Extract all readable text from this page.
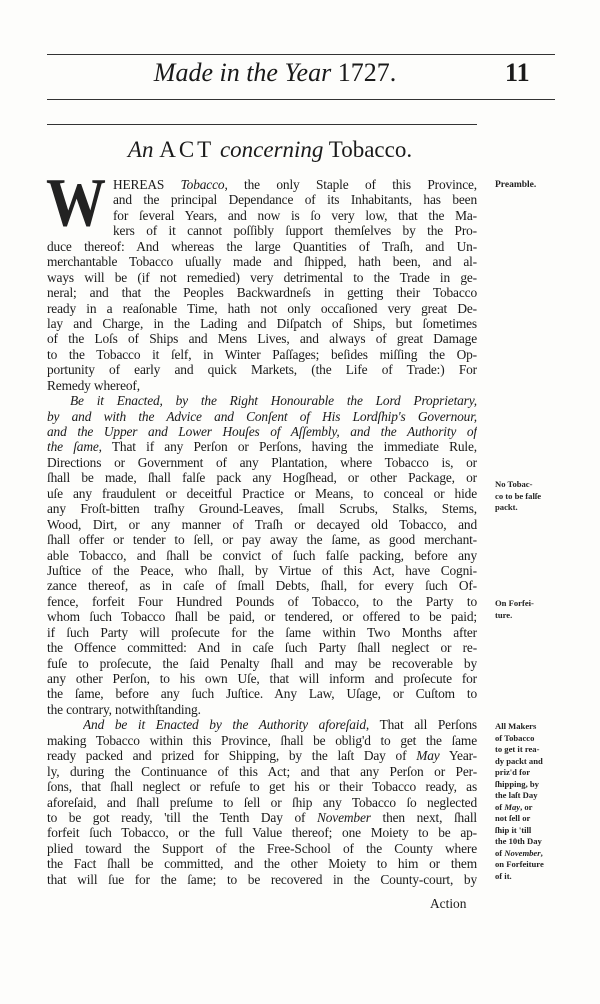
Made in the Year 1727.	11
An ACT concerning Tobacco.
W HEREAS Tobacco, the only Staple of this Province,
and the principal Dependance of its Inhabitants, has been
for ſeveral Years, and now is ſo very low, that the Ma-
kers of it cannot poſſibly ſupport themſelves by the Pro-
duce thereof: And whereas the large Quantities of Traſh, and Un-
merchantable Tobacco uſually made and ſhipped, hath been, and al-
ways will be (if not remedied) very detrimental to the Trade in ge-
neral; and that the Peoples Backwardneſs in getting their Tobacco
ready in a reaſonable Time, hath not only occaſioned very great De-
lay and Charge, in the Lading and Diſpatch of Ships, but ſometimes
of the Loſs of Ships and Mens Lives, and always of great Damage
to the Tobacco it ſelf, in Winter Paſſages; beſides miſſing the Op-
portunity of early and quick Markets, (the Life of Trade:) For
Remedy whereof,
Be it Enacted, by the Right Honourable the Lord Proprietary,
by and with the Advice and Conſent of His Lordſhip's Governour,
and the Upper and Lower Houſes of Aſſembly, and the Authority of
the ſame, That if any Perſon or Perſons, having the immediate Rule,
Directions or Government of any Plantation, where Tobacco is, or
ſhall be made, ſhall falſe pack any Hogſhead, or other Package, or
uſe any fraudulent or deceitful Practice or Means, to conceal or hide
any Froſt-bitten traſhy Ground-Leaves, ſmall Scrubs, Stalks, Stems,
Wood, Dirt, or any manner of Traſh or decayed old Tobacco, and
ſhall offer or tender to ſell, or pay away the ſame, as good merchant-
able Tobacco, and ſhall be convict of ſuch falſe packing, before any
Juſtice of the Peace, who ſhall, by Virtue of this Act, have Cogni-
zance thereof, as in caſe of ſmall Debts, ſhall, for every ſuch Of-
fence, forfeit Four Hundred Pounds of Tobacco, to the Party to
whom ſuch Tobacco ſhall be paid, or tendered, or offered to be paid;
if ſuch Party will proſecute for the ſame within Two Months after
the Offence committed: And in caſe ſuch Party ſhall neglect or re-
fuſe to proſecute, the ſaid Penalty ſhall and may be recoverable by
any other Perſon, to his own Uſe, that will inform and proſecute for
the ſame, before any ſuch Juſtice. Any Law, Uſage, or Cuſtom to
the contrary, notwithſtanding.
And be it Enacted by the Authority aforeſaid, That all Perſons
making Tobacco within this Province, ſhall be oblig'd to get the ſame
ready packed and prized for Shipping, by the laſt Day of May Year-
ly, during the Continuance of this Act; and that any Perſon or Per-
ſons, that ſhall neglect or refuſe to get his or their Tobacco ready, as
aforeſaid, and ſhall preſume to ſell or ſhip any Tobacco ſo neglected
to be got ready, 'till the Tenth Day of November then next, ſhall
forfeit ſuch Tobacco, or the full Value thereof; one Moiety to be ap-
plied toward the Support of the Free-School of the County where
the Fact ſhall be committed, and the other Moiety to him or them
that will ſue for the ſame; to be recovered in the County-court, by
Action
Preamble.
No Tobac-
co to be falſe
packt.
On Forfei-
ture.
All Makers
of Tobacco
to get it rea-
dy packt and
priz'd for
ſhipping, by
the laſt Day
of May, or
not ſell or
ſhip it 'till
the 10th Day
of November,
on Forfeiture
of it.
